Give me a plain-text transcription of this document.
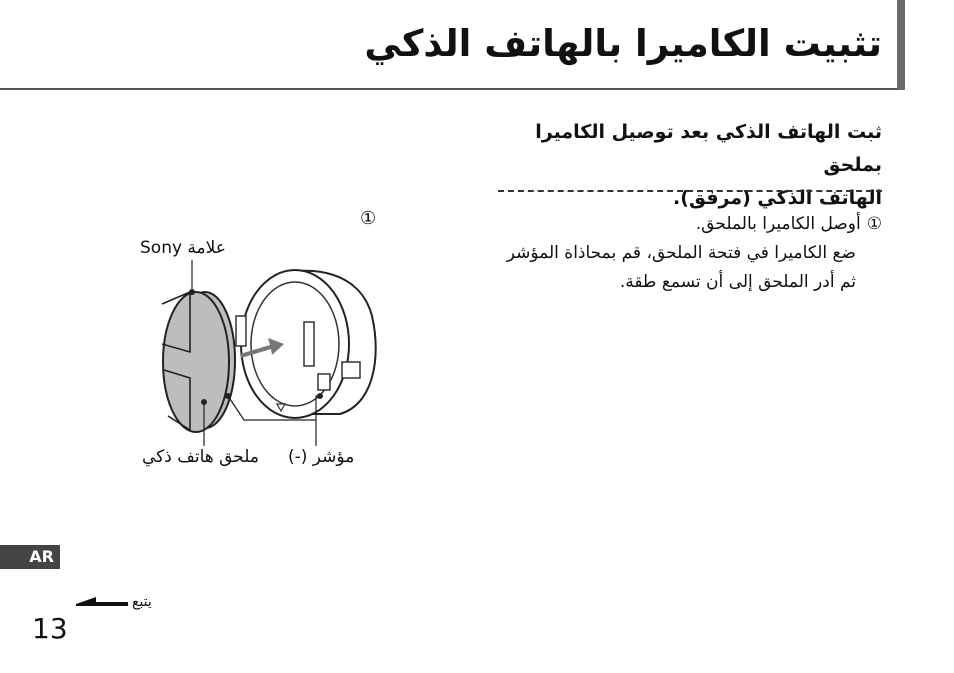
تثبيت الكاميرا بالهاتف الذكي
ثبت الهاتف الذكي بعد توصيل الكاميرا بملحق
الهاتف الذكي (مرفق).
①أوصل الكاميرا بالملحق.
ضع الكاميرا في فتحة الملحق، قم بمحاذاة المؤشر
ثم أدر الملحق إلى أن تسمع طقة.
①
علامة Sony
ملحق هاتف ذكي مؤشر (-)
AR
يتبع
13
